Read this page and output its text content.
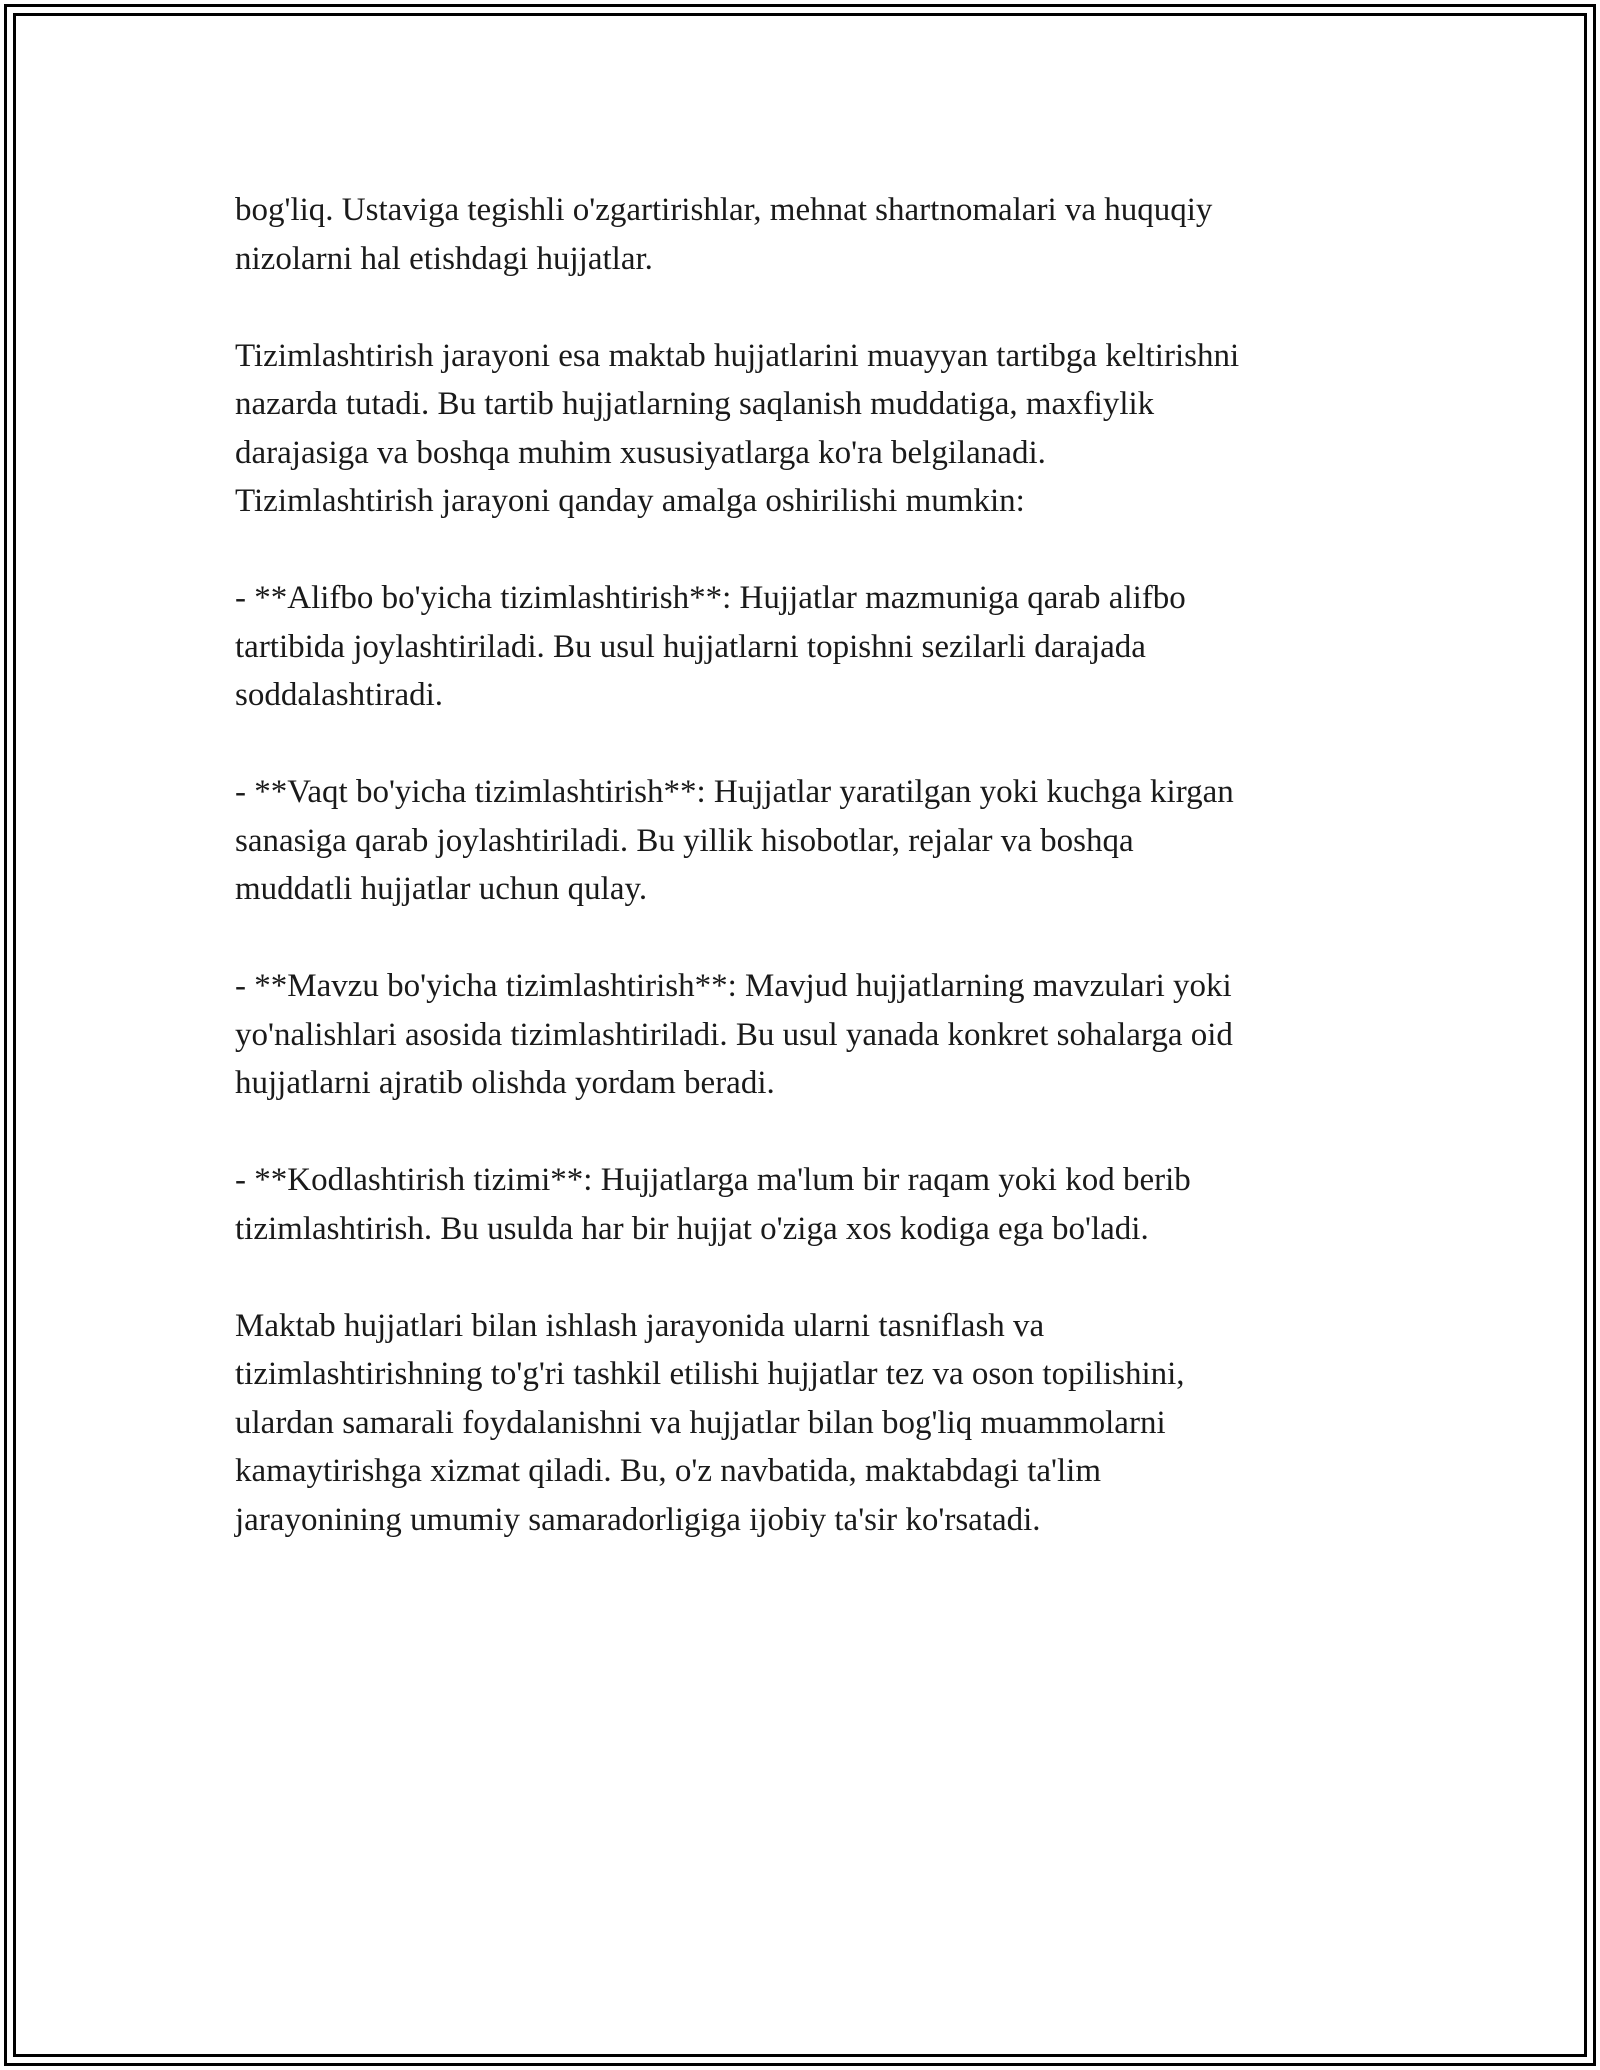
bog'liq. Ustaviga tegishli o'zgartirishlar, mehnat shartnomalari va huquqiy
nizolarni hal etishdagi hujjatlar.

Tizimlashtirish jarayoni esa maktab hujjatlarini muayyan tartibga keltirishni
nazarda tutadi. Bu tartib hujjatlarning saqlanish muddatiga, maxfiylik
darajasiga va boshqa muhim xususiyatlarga ko'ra belgilanadi.
Tizimlashtirish jarayoni qanday amalga oshirilishi mumkin:

- **Alifbo bo'yicha tizimlashtirish**: Hujjatlar mazmuniga qarab alifbo
tartibida joylashtiriladi. Bu usul hujjatlarni topishni sezilarli darajada
soddalashtiradi.

- **Vaqt bo'yicha tizimlashtirish**: Hujjatlar yaratilgan yoki kuchga kirgan
sanasiga qarab joylashtiriladi. Bu yillik hisobotlar, rejalar va boshqa
muddatli hujjatlar uchun qulay.

- **Mavzu bo'yicha tizimlashtirish**: Mavjud hujjatlarning mavzulari yoki
yo'nalishlari asosida tizimlashtiriladi. Bu usul yanada konkret sohalarga oid
hujjatlarni ajratib olishda yordam beradi.

- **Kodlashtirish tizimi**: Hujjatlarga ma'lum bir raqam yoki kod berib
tizimlashtirish. Bu usulda har bir hujjat o'ziga xos kodiga ega bo'ladi.

Maktab hujjatlari bilan ishlash jarayonida ularni tasniflash va
tizimlashtirishning to'g'ri tashkil etilishi hujjatlar tez va oson topilishini,
ulardan samarali foydalanishni va hujjatlar bilan bog'liq muammolarni
kamaytirishga xizmat qiladi. Bu, o'z navbatida, maktabdagi ta'lim
jarayonining umumiy samaradorligiga ijobiy ta'sir ko'rsatadi.
